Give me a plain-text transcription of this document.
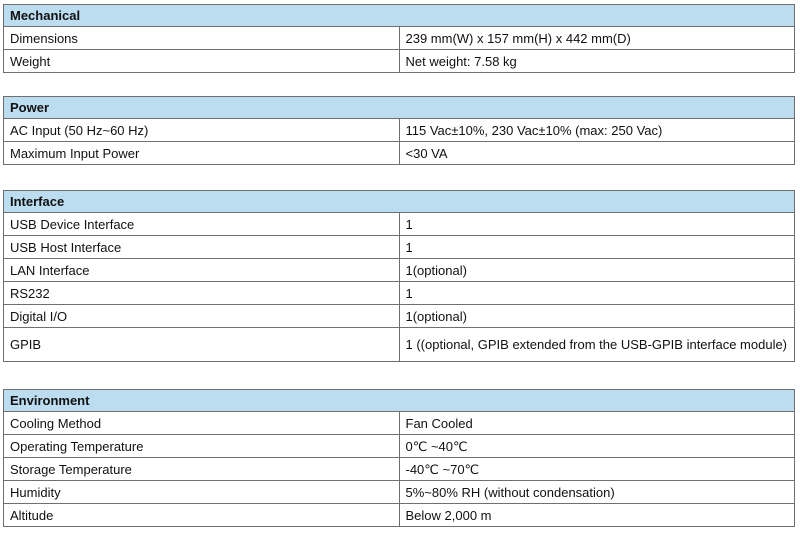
Mechanical	
Dimensions	239 mm(W) x 157 mm(H) x 442 mm(D)
Weight	Net weight: 7.58 kg
Power	
AC Input (50 Hz~60 Hz)	115 Vac±10%, 230 Vac±10% (max: 250 Vac)
Maximum Input Power	<30 VA
Interface	
USB Device Interface	1
USB Host Interface	1
LAN Interface	1(optional)
RS232	1
Digital I/O	1(optional)
GPIB	1 ((optional, GPIB extended from the USB-GPIB interface module)
Environment	
Cooling Method	Fan Cooled
Operating Temperature	0℃ ~40℃
Storage Temperature	-40℃ ~70℃
Humidity	5%~80% RH (without condensation)
Altitude	Below 2,000 m
